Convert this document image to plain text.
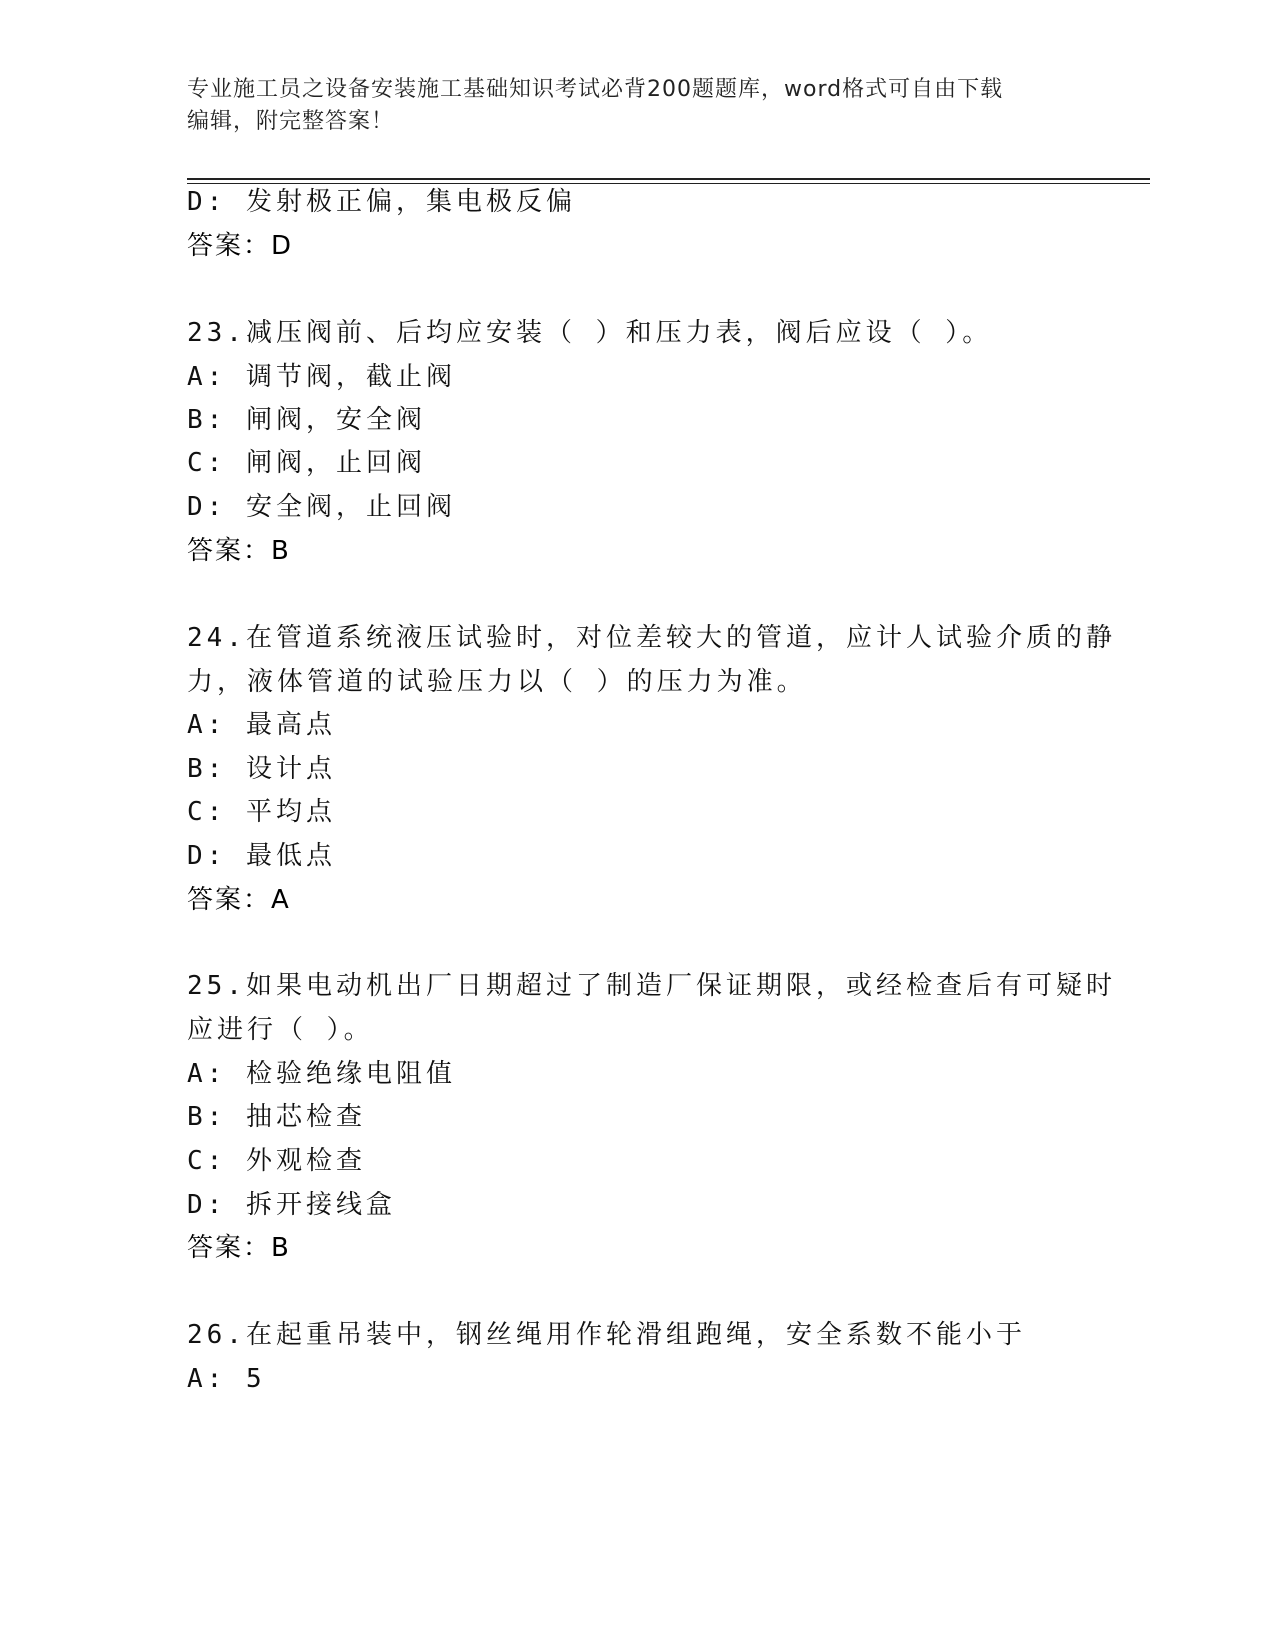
专业施工员之设备安装施工基础知识考试必背200题题库，word格式可自由下载
编辑，附完整答案！
D: 发射极正偏，集电极反偏
答案：D
23.减压阀前、后均应安装（ ）和压力表，阀后应设（ ）。
A: 调节阀，截止阀
B: 闸阀，安全阀
C: 闸阀，止回阀
D: 安全阀，止回阀
答案：B
24.在管道系统液压试验时，对位差较大的管道，应计人试验介质的静
力，液体管道的试验压力以（ ）的压力为准。
A: 最高点
B: 设计点
C: 平均点
D: 最低点
答案：A
25.如果电动机出厂日期超过了制造厂保证期限，或经检查后有可疑时
应进行（ ）。
A: 检验绝缘电阻值
B: 抽芯检查
C: 外观检查
D: 拆开接线盒
答案：B
26.在起重吊装中，钢丝绳用作轮滑组跑绳，安全系数不能小于
A: 5
